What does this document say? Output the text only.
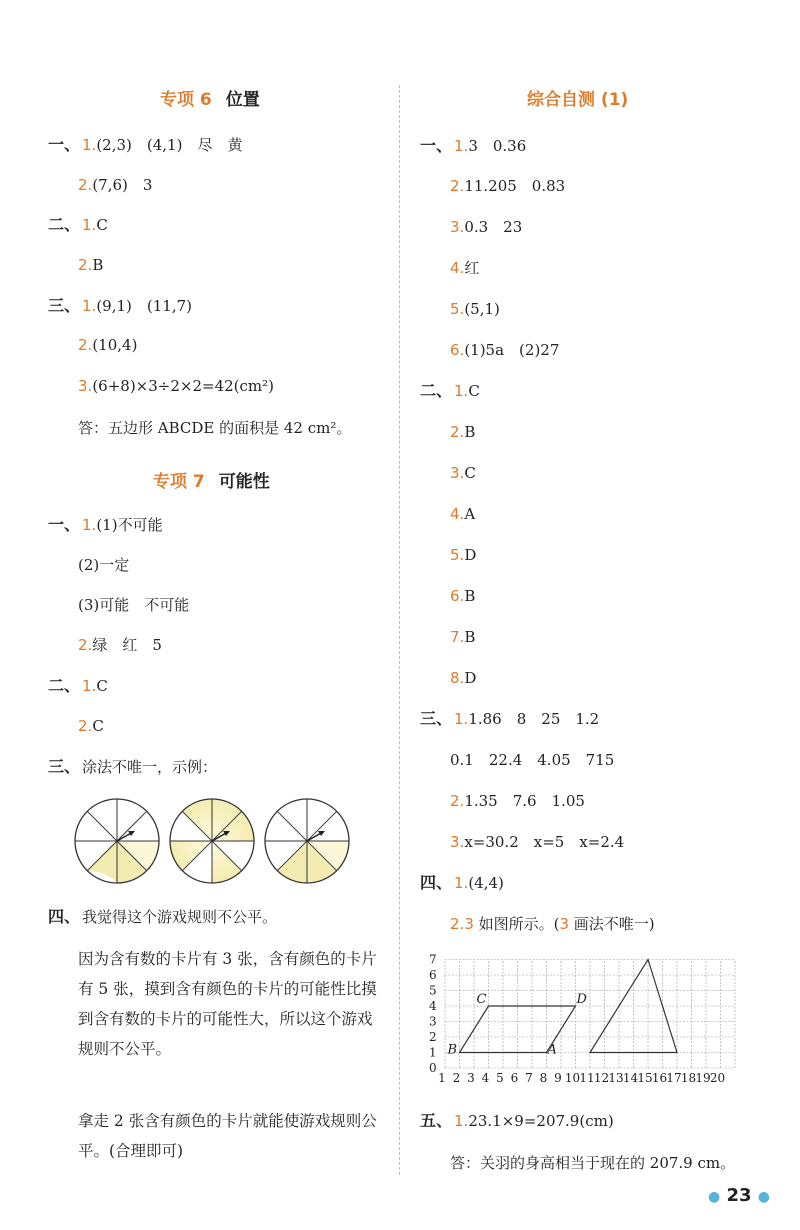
专项 6 位置
一、 1.(2,3)　(4,1)　尽　黄
2.(7,6)　3
二、 1.C
2.B
三、 1.(9,1)　(11,7)
2.(10,4)
3.(6+8)×3÷2×2=42(cm²)
答：五边形 ABCDE 的面积是 42 cm²。
专项 7 可能性
一、 1.(1)不可能
(2)一定
(3)可能　不可能
2.绿　红　5
二、 1.C
2.C
三、 涂法不唯一，示例：
四、 我觉得这个游戏规则不公平。
因为含有数的卡片有 3 张，含有颜色的卡片有 5 张，摸到含有颜色的卡片的可能性比摸到含有数的卡片的可能性大，所以这个游戏规则不公平。
拿走 2 张含有颜色的卡片就能使游戏规则公平。(合理即可)
综合自测 (1)
一、 1.3　0.36
2.11.205　0.83
3.0.3　23
4.红
5.(5,1)
6.(1)5a　(2)27
二、 1.C
2.B
3.C
4.A
5.D
6.B
7.B
8.D
三、 1.1.86　8　25　1.2
0.1　22.4　4.05　715
2.1.35　7.6　1.05
3.x=30.2　x=5　x=2.4
四、 1.(4,4)
2.3 如图所示。(3 画法不唯一)
1 2 3 4 5 6 7 8 9 10 11 12 13 14 15 16 17 18 19 20
0
1
2
3
4
5
6
7
B	A
C	D
五、 1.23.1×9=207.9(cm)
答：关羽的身高相当于现在的 207.9 cm。
● 23 ●
